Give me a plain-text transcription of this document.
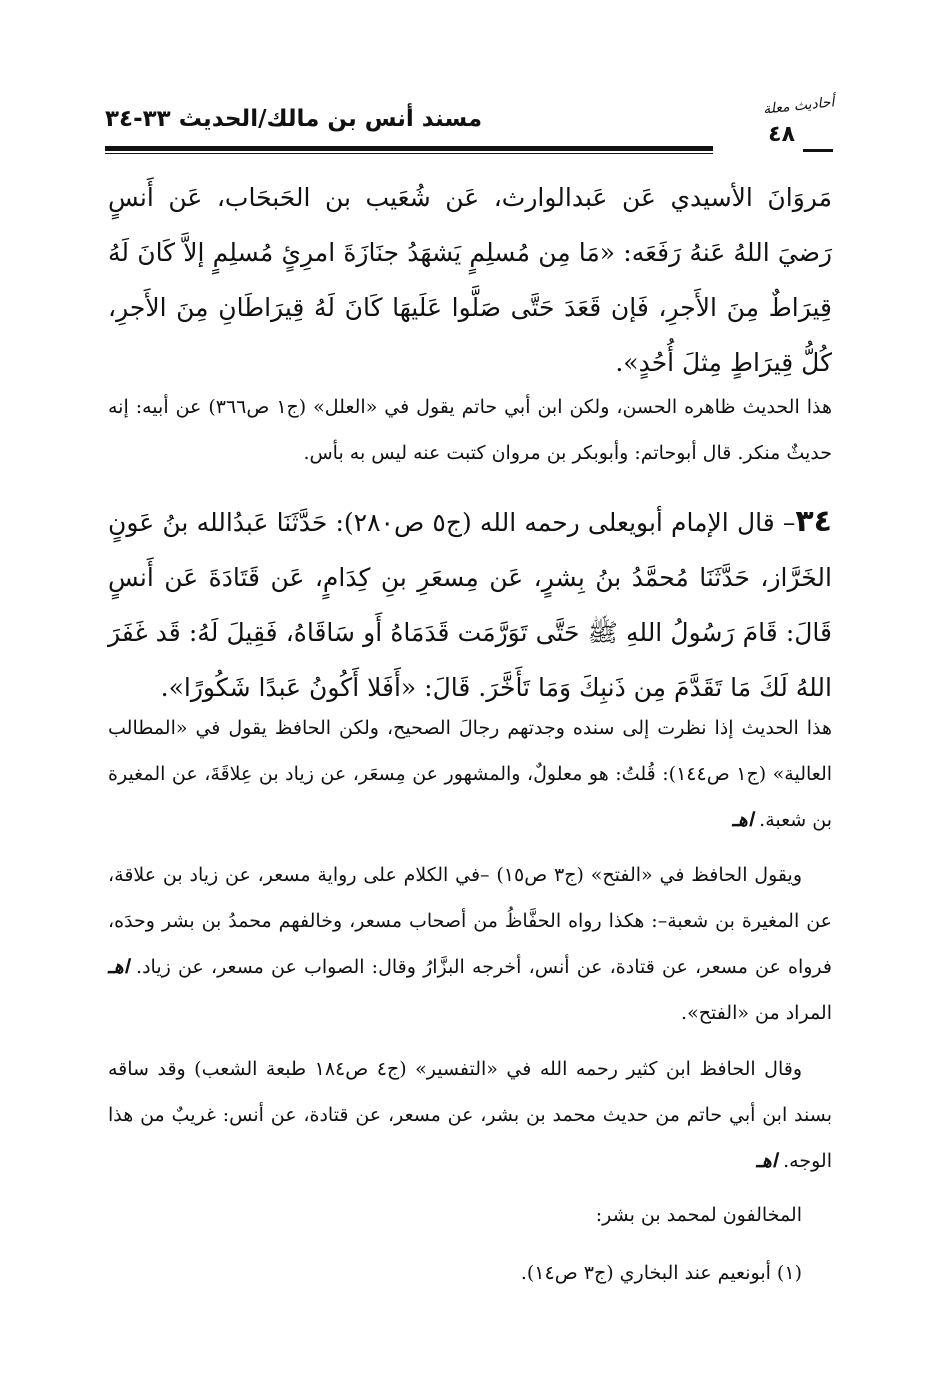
أحاديث معلة
٤٨
مسند أنس بن مالك/الحديث ٣٣-٣٤

مَروَانَ الأسيدي عَن عَبدالوارث، عَن شُعَيب بن الحَبحَاب، عَن أَنسٍ رَضيَ اللهُ عَنهُ رَفَعَه: «مَا مِن مُسلِمٍ يَشهَدُ جنَازَةَ امرِئٍ مُسلِمٍ إلاَّ كَانَ لَهُ قِيرَاطٌ مِنَ الأَجرِ، فَإن قَعَدَ حَتَّى صَلَّوا عَلَيهَا كَانَ لَهُ قِيرَاطَانِ مِنَ الأَجرِ، كُلُّ قِيرَاطٍ مِثلَ أُحُدٍ».

هذا الحديث ظاهره الحسن، ولكن ابن أبي حاتم يقول في «العلل» (ج١ ص٣٦٦) عن أبيه: إنه حديثٌ منكر. قال أبوحاتم: وأبوبكر بن مروان كتبت عنه ليس به بأس.

٣٤– قال الإمام أبويعلى رحمه الله (ج٥ ص٢٨٠): حَدَّثَنَا عَبدُالله بنُ عَونٍ الخَرَّاز، حَدَّثَنَا مُحمَّدُ بنُ بِشرٍ، عَن مِسعَرِ بنِ كِدَامٍ، عَن قَتَادَةَ عَن أَنسٍ قَالَ: قَامَ رَسُولُ اللهِ ﷺ حَتَّى تَوَرَّمَت قَدَمَاهُ أَو سَاقَاهُ، فَقِيلَ لَهُ: قَد غَفَرَ اللهُ لَكَ مَا تَقَدَّمَ مِن ذَنبِكَ وَمَا تَأَخَّرَ. قَالَ: «أَفَلا أَكُونُ عَبدًا شَكُورًا».

هذا الحديث إذا نظرت إلى سنده وجدتهم رجالَ الصحيح، ولكن الحافظ يقول في «المطالب العالية» (ج١ ص١٤٤): قُلتُ: هو معلولٌ، والمشهور عن مِسعَر، عن زياد بن عِلاقَةَ، عن المغيرة بن شعبة. اهـ

ويقول الحافظ في «الفتح» (ج٣ ص١٥) –في الكلام على رواية مسعر، عن زياد بن علاقة، عن المغيرة بن شعبة–: هكذا رواه الحفَّاظُ من أصحاب مسعر، وخالفهم محمدُ بن بشر وحدَه، فرواه عن مسعر، عن قتادة، عن أنس، أخرجه البزَّارُ وقال: الصواب عن مسعر، عن زياد. اهـ المراد من «الفتح».

وقال الحافظ ابن كثير رحمه الله في «التفسير» (ج٤ ص١٨٤ طبعة الشعب) وقد ساقه بسند ابن أبي حاتم من حديث محمد بن بشر، عن مسعر، عن قتادة، عن أنس: غريبٌ من هذا الوجه. اهـ

المخالفون لمحمد بن بشر:

(١) أبونعيم عند البخاري (ج٣ ص١٤).
